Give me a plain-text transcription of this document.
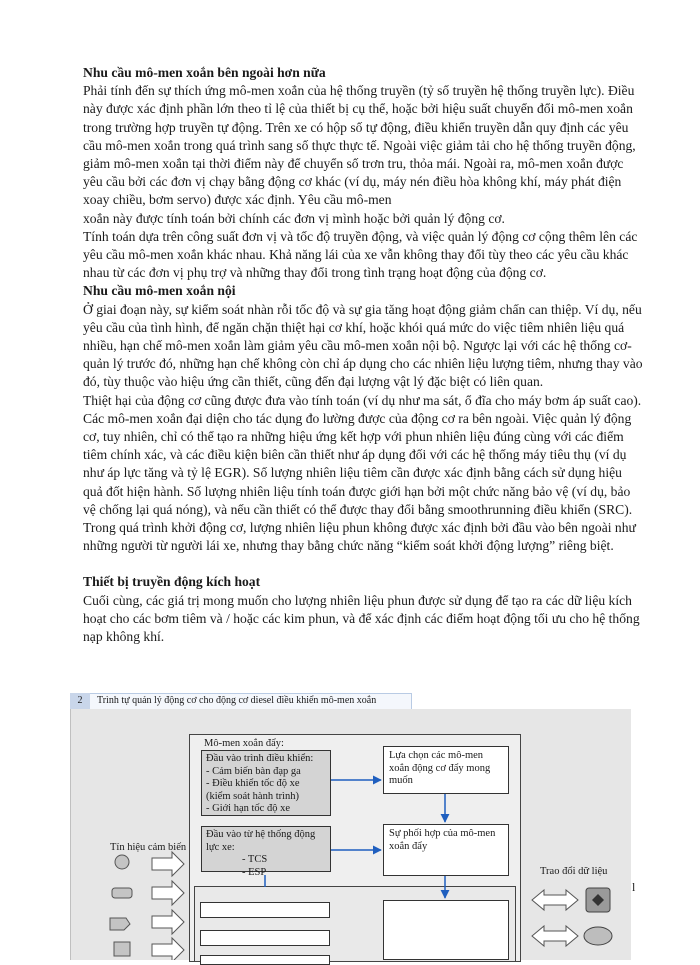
Nhu cầu mô-men xoắn bên ngoài hơn nữa

Phải tính đến sự thích ứng mô-men xoắn của hệ thống truyền (tỷ số truyền hệ thống truyền lực). Điều này được xác định phần lớn theo tỉ lệ của thiết bị cụ thể, hoặc bởi hiệu suất chuyển đổi mô-men xoắn trong trường hợp truyền tự động. Trên xe có hộp số tự động, điều khiển truyền dẫn quy định các yêu cầu mô-men xoắn trong quá trình sang số thực thực tế. Ngoài việc giảm tải cho hệ thống truyền động, giảm mô-men xoắn tại thời điểm này để chuyển số trơn tru, thỏa mái. Ngoài ra, mô-men xoắn được yêu cầu bởi các đơn vị chạy bằng động cơ khác (ví dụ, máy nén điều hòa không khí, máy phát điện xoay chiều, bơm servo) được xác định. Yêu cầu mô-men

xoắn này được tính toán bởi chính các đơn vị mình hoặc bởi quản lý động cơ.

Tính toán dựa trên công suất đơn vị và tốc độ truyền động, và việc quản lý động cơ cộng thêm lên các yêu cầu mô-men xoắn khác nhau. Khả năng lái của xe vẫn không thay đổi tùy theo các yêu cầu khác nhau từ các đơn vị phụ trợ và những thay đổi trong tình trạng hoạt động của động cơ.

Nhu cầu mô-men xoắn nội

Ở giai đoạn này, sự kiểm soát nhàn rỗi tốc độ và sự gia tăng hoạt động giảm chấn can thiệp. Ví dụ, nếu yêu cầu của tình hình, để ngăn chặn thiệt hại cơ khí, hoặc khói quá mức do việc tiêm nhiên liệu quá nhiều, hạn chế mô-men xoắn làm giảm yêu cầu mô-men xoắn nội bộ. Ngược lại với các hệ thống cơ-quản lý trước đó, những hạn chế không còn chỉ áp dụng cho các nhiên liệu lượng tiêm, nhưng thay vào đó, tùy thuộc vào hiệu ứng cần thiết, cũng đến đại lượng vật lý đặc biệt có liên quan.

Thiệt hại của động cơ cũng được đưa vào tính toán (ví dụ như ma sát, ổ đĩa cho máy bơm áp suất cao). Các mô-men xoắn đại diện cho tác dụng đo lường được của động cơ ra bên ngoài. Việc quản lý động cơ, tuy nhiên, chỉ có thể tạo ra những hiệu ứng kết hợp với phun nhiên liệu đúng cùng với các điểm tiêm chính xác, và các điều kiện biên cần thiết như áp dụng đối với các hệ thống máy tiêu thụ (ví dụ như áp lực tăng và tỷ lệ EGR). Số lượng nhiên liệu tiêm cần được xác định bằng cách sử dụng hiệu quả đốt hiện hành. Số lượng nhiên liệu tính toán được giới hạn bởi một chức năng bảo vệ (ví dụ, bảo vệ chống lại quá nóng), và nếu cần thiết có thể được thay đổi bằng smoothrunning điều khiển (SRC). Trong quá trình khởi động cơ, lượng nhiên liệu phun không được xác định bởi đầu vào bên ngoài như những người từ người lái xe, nhưng thay bằng chức năng “kiểm soát khởi động lượng” riêng biệt.

Thiết bị truyền động kích hoạt

Cuối cùng, các giá trị mong muốn cho lượng nhiên liệu phun được sử dụng để tạo ra các dữ liệu kích hoạt cho các bơm tiêm và / hoặc các kim phun, và để xác định các điểm hoạt động tối ưu cho hệ thống nạp không khí.

2	Trình tự quản lý động cơ cho động cơ diesel điều khiển mô-men xoắn
Mô-men xoắn đẩy:
Đầu vào trình điều khiển:
- Cảm biến bàn đạp ga
- Điều khiển tốc độ xe
(kiểm soát hành trình)
- Giới hạn tốc độ xe
Đầu vào từ hệ thống động lực xe:
- TCS
- ESP
Lựa chọn các mô-men xoắn động cơ đẩy mong muốn
Sự phối hợp của mô-men xoắn đẩy
Tín hiệu cảm biến
Trao đổi dữ liệu
l
